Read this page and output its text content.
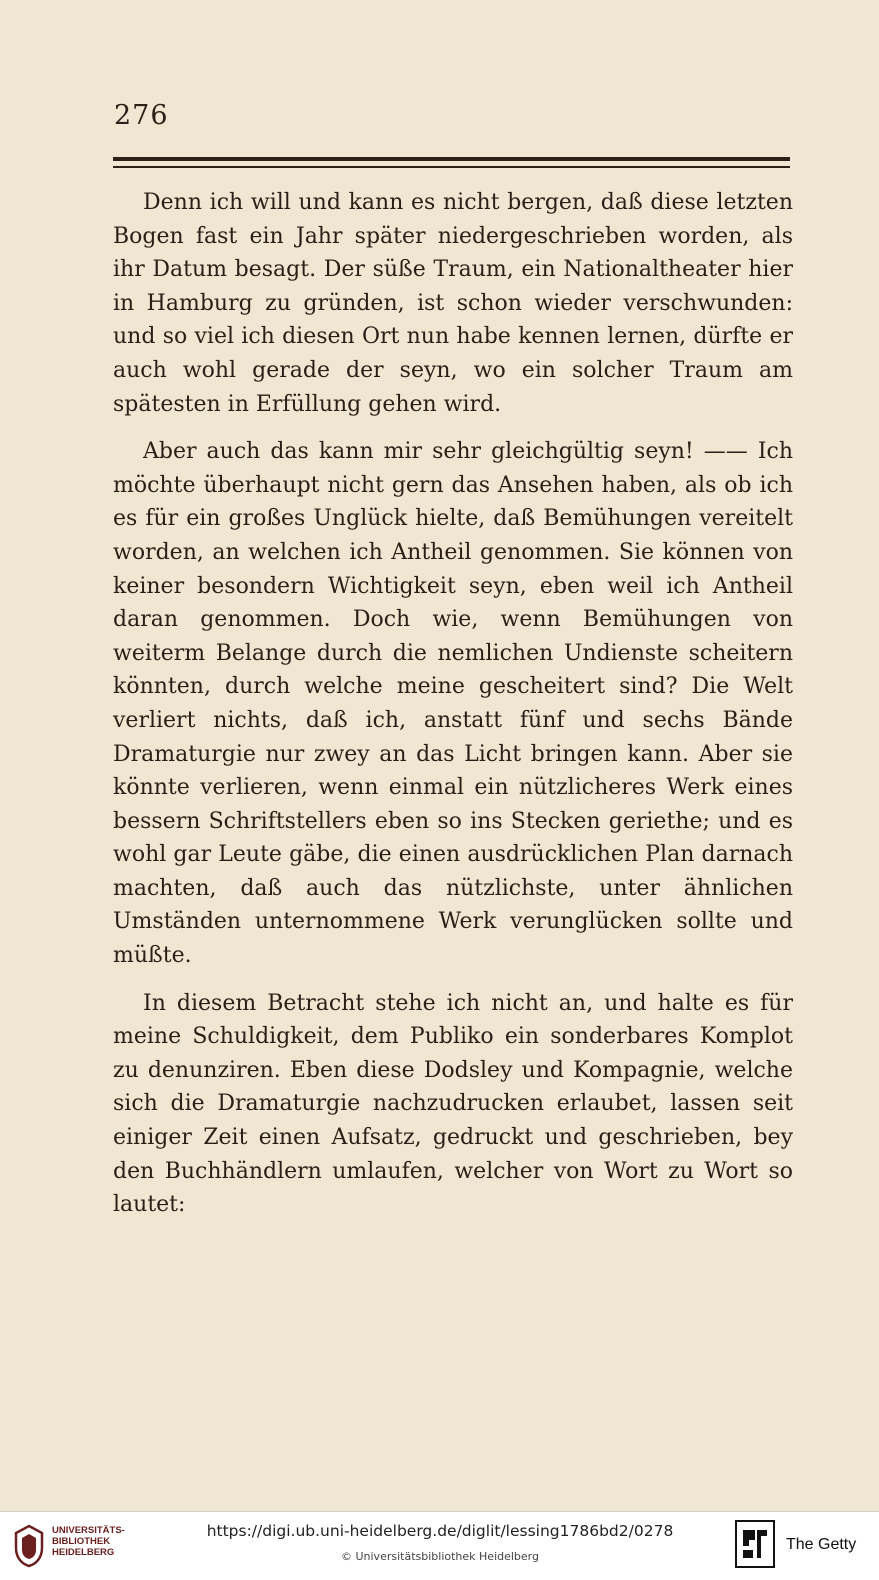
276

Denn ich will und kann es nicht bergen, daß diese letzten Bogen fast ein Jahr später niedergeschrieben worden, als ihr Datum besagt. Der süße Traum, ein Nationaltheater hier in Hamburg zu gründen, ist schon wieder verschwunden: und so viel ich diesen Ort nun habe kennen lernen, dürfte er auch wohl gerade der seyn, wo ein solcher Traum am spätesten in Erfüllung gehen wird.

Aber auch das kann mir sehr gleichgültig seyn! —— Ich möchte überhaupt nicht gern das Ansehen haben, als ob ich es für ein großes Unglück hielte, daß Bemühungen vereitelt worden, an welchen ich Antheil genommen. Sie können von keiner besondern Wichtigkeit seyn, eben weil ich Antheil daran genommen. Doch wie, wenn Bemühungen von weiterm Belange durch die nemlichen Undienste scheitern könnten, durch welche meine gescheitert sind? Die Welt verliert nichts, daß ich, anstatt fünf und sechs Bände Dramaturgie nur zwey an das Licht bringen kann. Aber sie könnte verlieren, wenn einmal ein nützlicheres Werk eines bessern Schriftstellers eben so ins Stecken geriethe; und es wohl gar Leute gäbe, die einen ausdrücklichen Plan darnach machten, daß auch das nützlichste, unter ähnlichen Umständen unternommene Werk verunglücken sollte und müßte.

In diesem Betracht stehe ich nicht an, und halte es für meine Schuldigkeit, dem Publiko ein sonderbares Komplot zu denunziren. Eben diese Dodsley und Kompagnie, welche sich die Dramaturgie nachzudrucken erlaubet, lassen seit einiger Zeit einen Aufsatz, gedruckt und geschrieben, bey den Buchhändlern umlaufen, welcher von Wort zu Wort so lautet:

UNIVERSITÄTS-
BIBLIOTHEK
HEIDELBERG
https://digi.ub.uni-heidelberg.de/diglit/lessing1786bd2/0278
© Universitätsbibliothek Heidelberg
The Getty
